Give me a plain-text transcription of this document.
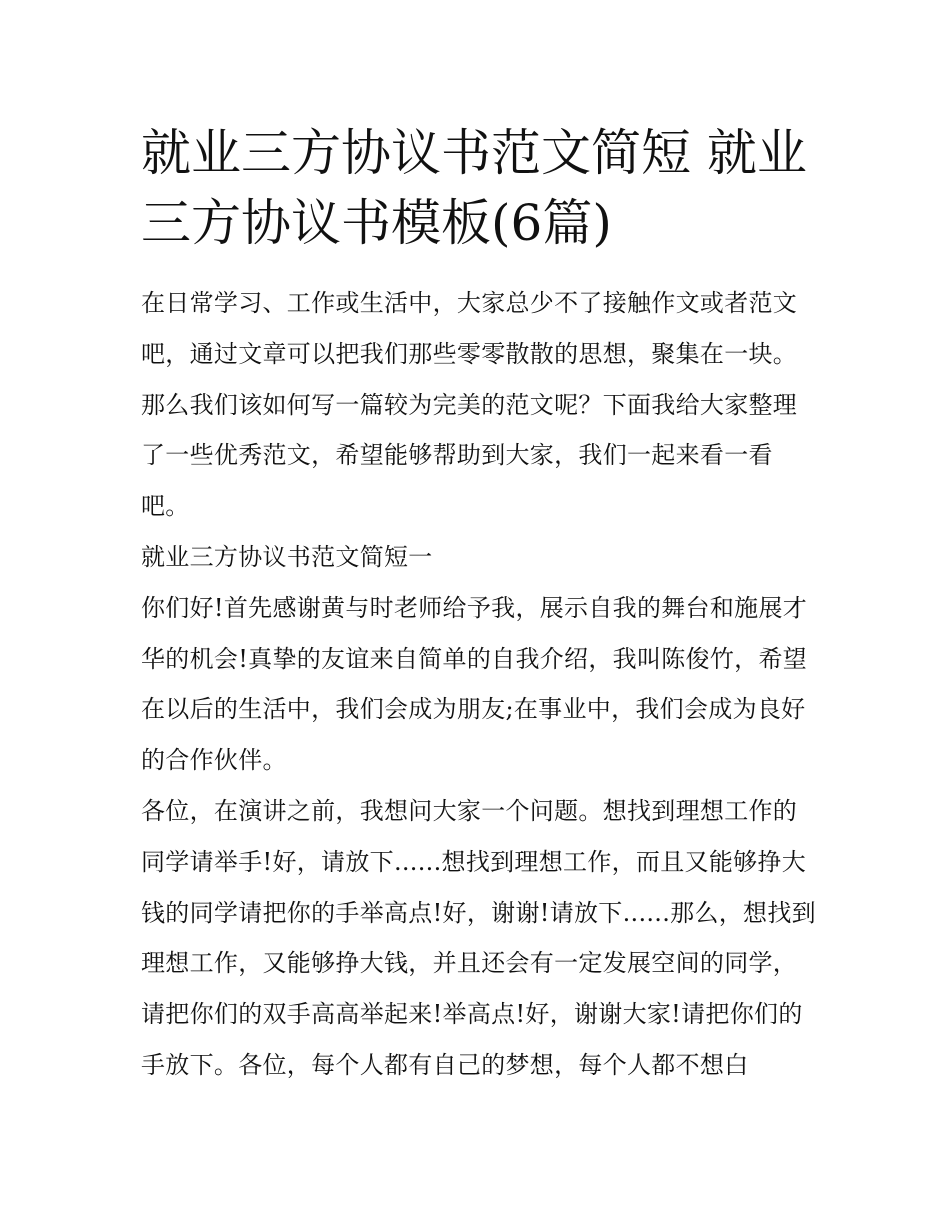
就业三方协议书范文简短 就业三方协议书模板(6篇)

在日常学习、工作或生活中，大家总少不了接触作文或者范文吧，通过文章可以把我们那些零零散散的思想，聚集在一块。那么我们该如何写一篇较为完美的范文呢？下面我给大家整理了一些优秀范文，希望能够帮助到大家，我们一起来看一看吧。

就业三方协议书范文简短一

你们好!首先感谢黄与时老师给予我，展示自我的舞台和施展才华的机会!真挚的友谊来自简单的自我介绍，我叫陈俊竹，希望在以后的生活中，我们会成为朋友;在事业中，我们会成为良好的合作伙伴。

各位，在演讲之前，我想问大家一个问题。想找到理想工作的同学请举手!好，请放下......想找到理想工作，而且又能够挣大钱的同学请把你的手举高点!好，谢谢!请放下......那么，想找到理想工作，又能够挣大钱，并且还会有一定发展空间的同学，请把你们的双手高高举起来!举高点!好，谢谢大家!请把你们的手放下。各位，每个人都有自己的梦想，每个人都不想白
